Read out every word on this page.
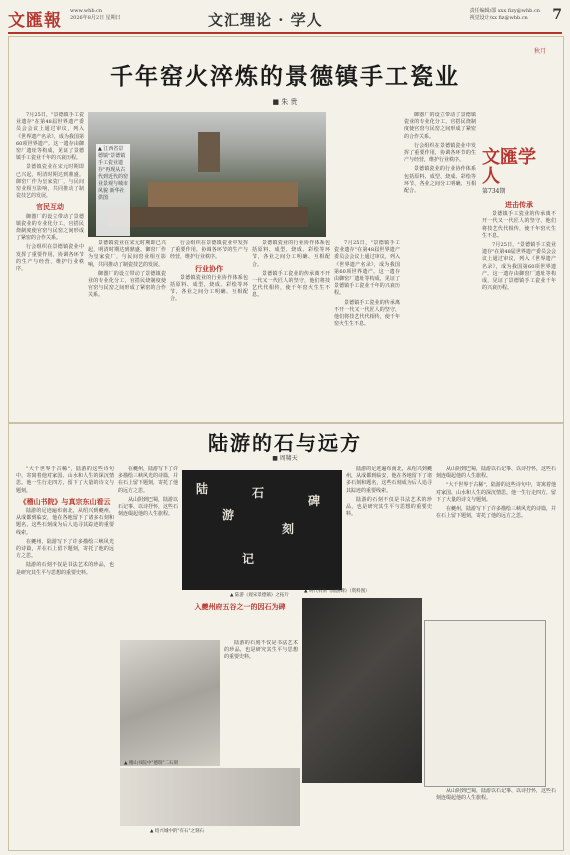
文匯報 www.whb.cn
2026年8月2日 星期日	文汇理论 · 学人	责任编辑/邵 xxx fizy@whb.cn
视觉设计/xx fiz@whb.cn	7
秋月
千年窑火淬炼的景德镇手工瓷业
■ 朱 贵

7月25日，"景德镇手工瓷业遗存"在第48届世界遗产委员会会议上通过审议，列入《世界遗产名录》，成为我国第60项世界遗产。这一遗存由御窑厂遗址等构成，见证了景德镇手工瓷业千年的兴衰历程。

景德镇瓷业在宋元时期即已兴起，明清时期达到鼎盛。御窑厂作为皇家瓷厂，与民间窑业相互影响，共同推动了制瓷技艺的发展。

官民互动

御器厂的设立带动了景德镇瓷业的专业化分工，官搭民烧制度使官窑与民窑之间形成了紧密的合作关系。

行会组织在景德镇瓷业中发挥了重要作用，协调各环节的生产与经营，维护行业秩序。

▲ 江西省景德镇"景德镇手工瓷业遗存"再现从古代到近代的窑业景观与城市风貌 新华社供图

景德镇瓷业在宋元时期即已兴起，明清时期达到鼎盛。御窑厂作为皇家瓷厂，与民间窑业相互影响，共同推动了制瓷技艺的发展。

御器厂的设立带动了景德镇瓷业的专业化分工，官搭民烧制度使官窑与民窑之间形成了紧密的合作关系。

行会组织在景德镇瓷业中发挥了重要作用，协调各环节的生产与经营，维护行业秩序。

行业协作

景德镇瓷业的行业协作体系包括原料、成型、烧成、彩绘等环节，各业之间分工明确、互相配合。

景德镇瓷业的行业协作体系包括原料、成型、烧成、彩绘等环节，各业之间分工明确、互相配合。

景德镇手工瓷业的传承离不开一代又一代匠人的坚守，他们将技艺代代相传，使千年窑火生生不息。

7月25日，"景德镇手工瓷业遗存"在第48届世界遗产委员会会议上通过审议，列入《世界遗产名录》，成为我国第60项世界遗产。这一遗存由御窑厂遗址等构成，见证了景德镇手工瓷业千年的兴衰历程。

景德镇手工瓷业的传承离不开一代又一代匠人的坚守，他们将技艺代代相传，使千年窑火生生不息。

御器厂的设立带动了景德镇瓷业的专业化分工，官搭民烧制度使官窑与民窑之间形成了紧密的合作关系。

行会组织在景德镇瓷业中发挥了重要作用，协调各环节的生产与经营，维护行业秩序。

景德镇瓷业的行业协作体系包括原料、成型、烧成、彩绘等环节，各业之间分工明确、互相配合。

文匯学人
第734期
进击传承

景德镇手工瓷业的传承离不开一代又一代匠人的坚守，他们将技艺代代相传，使千年窑火生生不息。

7月25日，"景德镇手工瓷业遗存"在第48届世界遗产委员会会议上通过审议，列入《世界遗产名录》，成为我国第60项世界遗产。这一遗存由御窑厂遗址等构成，见证了景德镇手工瓷业千年的兴衰历程。

陆游的石与远方
■ 周啸天

"大千世界于古稀"，陆游的这些诗句中，寄寓着他对家国、山水和人生的深沉情思。他一生行走四方，留下了大量的诗文与题刻。

《稽山书院》与真宗东山看云

陆游的足迹遍布南北，从绍兴到夔州，从成都到临安，他在各地留下了诸多石刻和题名，这些石刻成为后人追寻其踪迹的重要线索。

在夔州，陆游写下了许多描绘三峡风光的诗篇，并在石上留下题刻，寄托了他的远方之思。

陆游的石刻不仅是书法艺术的珍品，也是研究其生平与思想的重要史料。

在夔州，陆游写下了许多描绘三峡风光的诗篇，并在石上留下题刻，寄托了他的远方之思。

从山阴到巴蜀，陆游以石记事、以诗抒怀，这些石刻连缀起他的人生旅程。

陆
游
石
刻
碑
记
▲ 陆游《观宋景德镇》之拓片

陆游的足迹遍布南北，从绍兴到夔州，从成都到临安，他在各地留下了诸多石刻和题名，这些石刻成为后人追寻其踪迹的重要线索。

陆游的石刻不仅是书法艺术的珍品，也是研究其生平与思想的重要史料。

从山阴到巴蜀，陆游以石记事、以诗抒怀，这些石刻连缀起他的人生旅程。

"大千世界于古稀"，陆游的这些诗句中，寄寓着他对家国、山水和人生的深沉情思。他一生行走四方，留下了大量的诗文与题刻。

在夔州，陆游写下了许多描绘三峡风光的诗篇，并在石上留下题刻，寄托了他的远方之思。

入夔州府五谷之一的因石为碑
▲ 稽山书院中"德瑞"二石刻

陆游的石刻不仅是书法艺术的珍品，也是研究其生平与思想的重要史料。

▲ 明代石刻《陆游碑》（资料图）
▲ 绍兴城中的"有石"之刻石

从山阴到巴蜀，陆游以石记事、以诗抒怀，这些石刻连缀起他的人生旅程。
